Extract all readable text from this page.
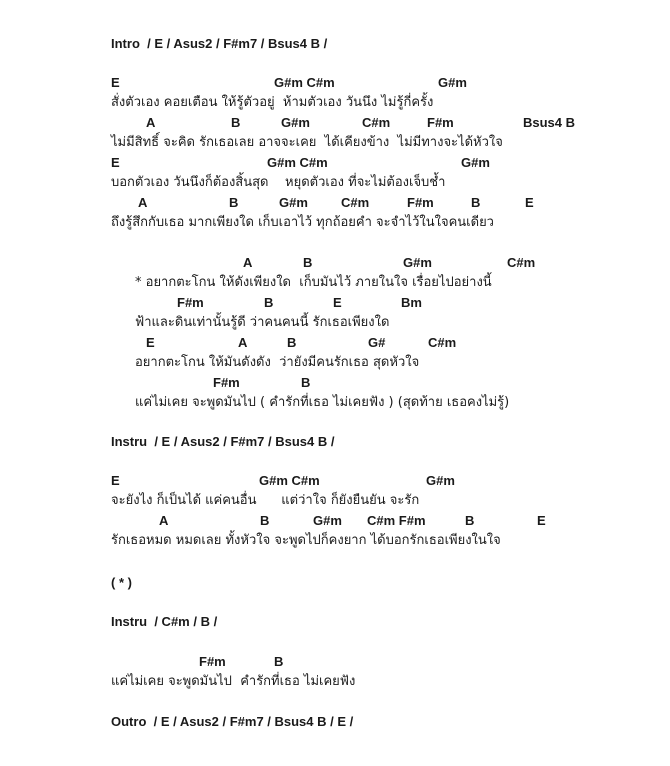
Intro  / E / Asus2 / F#m7 / Bsus4 B /

E

	G#m C#m

	G#m

สั่งตัวเอง คอยเตือน ให้รู้ตัวอยู่  ห้ามตัวเอง วันนึง ไม่รู้กี่ครั้ง

A

	B

	G#m

	C#m

	F#m

	Bsus4 B

ไม่มีสิทธิ์ จะคิด รักเธอเลย อาจจะเคย  ได้เคียงข้าง  ไม่มีทางจะได้หัวใจ

E

	G#m C#m

	G#m

บอกตัวเอง วันนึงก็ต้องสิ้นสุด    หยุดตัวเอง ที่จะไม่ต้องเจ็บช้ำ

A

	B

	G#m

	C#m

	F#m

	B

	E

ถึงรู้สึกกับเธอ มากเพียงใด เก็บเอาไว้ ทุกถ้อยคำ จะจำไว้ในใจคนเดียว

A

	B

	G#m

	C#m

* อยากตะโกน ให้ดังเพียงใด  เก็บมันไว้ ภายในใจ เรื่อยไปอย่างนี้

F#m

	B

	E

	Bm

ฟ้าและดินเท่านั้นรู้ดี ว่าคนคนนี้ รักเธอเพียงใด

E

	A

	B

	G#

	C#m

อยากตะโกน ให้มันดังดัง  ว่ายังมีคนรักเธอ สุดหัวใจ

F#m

	B

แค่ไม่เคย จะพูดมันไป ( คำรักที่เธอ ไม่เคยฟัง ) (สุดท้าย เธอคงไม่รู้)
Instru  / E / Asus2 / F#m7 / Bsus4 B /

E

	G#m C#m

	G#m

จะยังไง ก็เป็นได้ แค่คนอื่น      แต่ว่าใจ ก็ยังยืนยัน จะรัก

A

	B

	G#m

C#m F#m

	B

	E

รักเธอหมด หมดเลย ทั้งหัวใจ จะพูดไปก็คงยาก ได้บอกรักเธอเพียงในใจ
( * )
Instru  / C#m / B /

F#m

	B

แค่ไม่เคย จะพูดมันไป  คำรักที่เธอ ไม่เคยฟัง
Outro  / E / Asus2 / F#m7 / Bsus4 B / E /
